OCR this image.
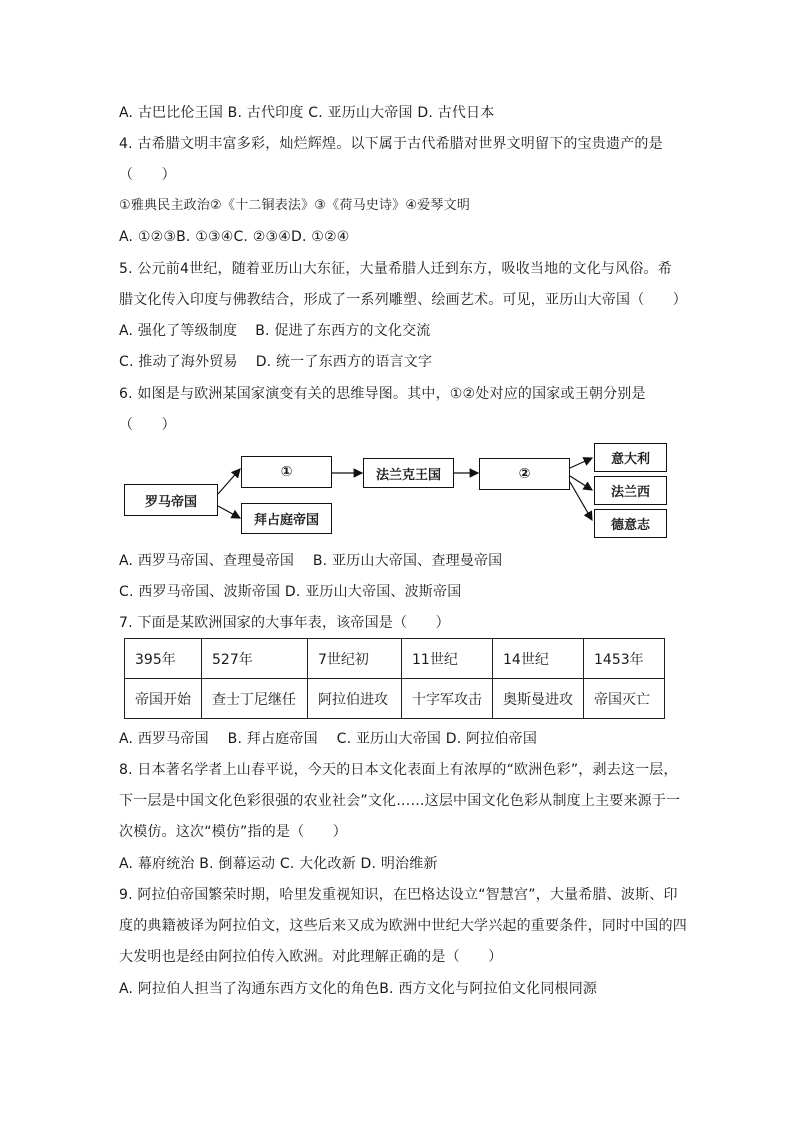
A. 古巴比伦王国 B. 古代印度 C. 亚历山大帝国 D. 古代日本
4. 古希腊文明丰富多彩，灿烂辉煌。以下属于古代希腊对世界文明留下的宝贵遗产的是
（　　）
①雅典民主政治②《十二铜表法》③《荷马史诗》④爱琴文明
A. ①②③B. ①③④C. ②③④D. ①②④
5. 公元前4世纪，随着亚历山大东征，大量希腊人迁到东方，吸收当地的文化与风俗。希
腊文化传入印度与佛教结合，形成了一系列雕塑、绘画艺术。可见，亚历山大帝国（　　）
A. 强化了等级制度 B. 促进了东西方的文化交流
C. 推动了海外贸易 D. 统一了东西方的语言文字
6. 如图是与欧洲某国家演变有关的思维导图。其中，①②处对应的国家或王朝分别是
（　　）
罗马帝国
①
拜占庭帝国
法兰克王国	②
意大利
法兰西
德意志
A. 西罗马帝国、查理曼帝国　 B. 亚历山大帝国、查理曼帝国
C. 西罗马帝国、波斯帝国 D. 亚历山大帝国、波斯帝国
7. 下面是某欧洲国家的大事年表，该帝国是（　　）
395年	527年	7世纪初	11世纪	14世纪	1453年
帝国开始	查士丁尼继任	阿拉伯进攻	十字军攻击	奥斯曼进攻	帝国灭亡
A. 西罗马帝国　 B. 拜占庭帝国　 C. 亚历山大帝国 D. 阿拉伯帝国
8. 日本著名学者上山春平说，今天的日本文化表面上有浓厚的“欧洲色彩”，剥去这一层，
下一层是中国文化色彩很强的农业社会”文化……这层中国文化色彩从制度上主要来源于一
次模仿。这次“模仿”指的是（　　）
A. 幕府统治 B. 倒幕运动 C. 大化改新 D. 明治维新
9. 阿拉伯帝国繁荣时期，哈里发重视知识，在巴格达设立“智慧宫”，大量希腊、波斯、印
度的典籍被译为阿拉伯文，这些后来又成为欧洲中世纪大学兴起的重要条件，同时中国的四
大发明也是经由阿拉伯传入欧洲。对此理解正确的是（　　）
A. 阿拉伯人担当了沟通东西方文化的角色B. 西方文化与阿拉伯文化同根同源
